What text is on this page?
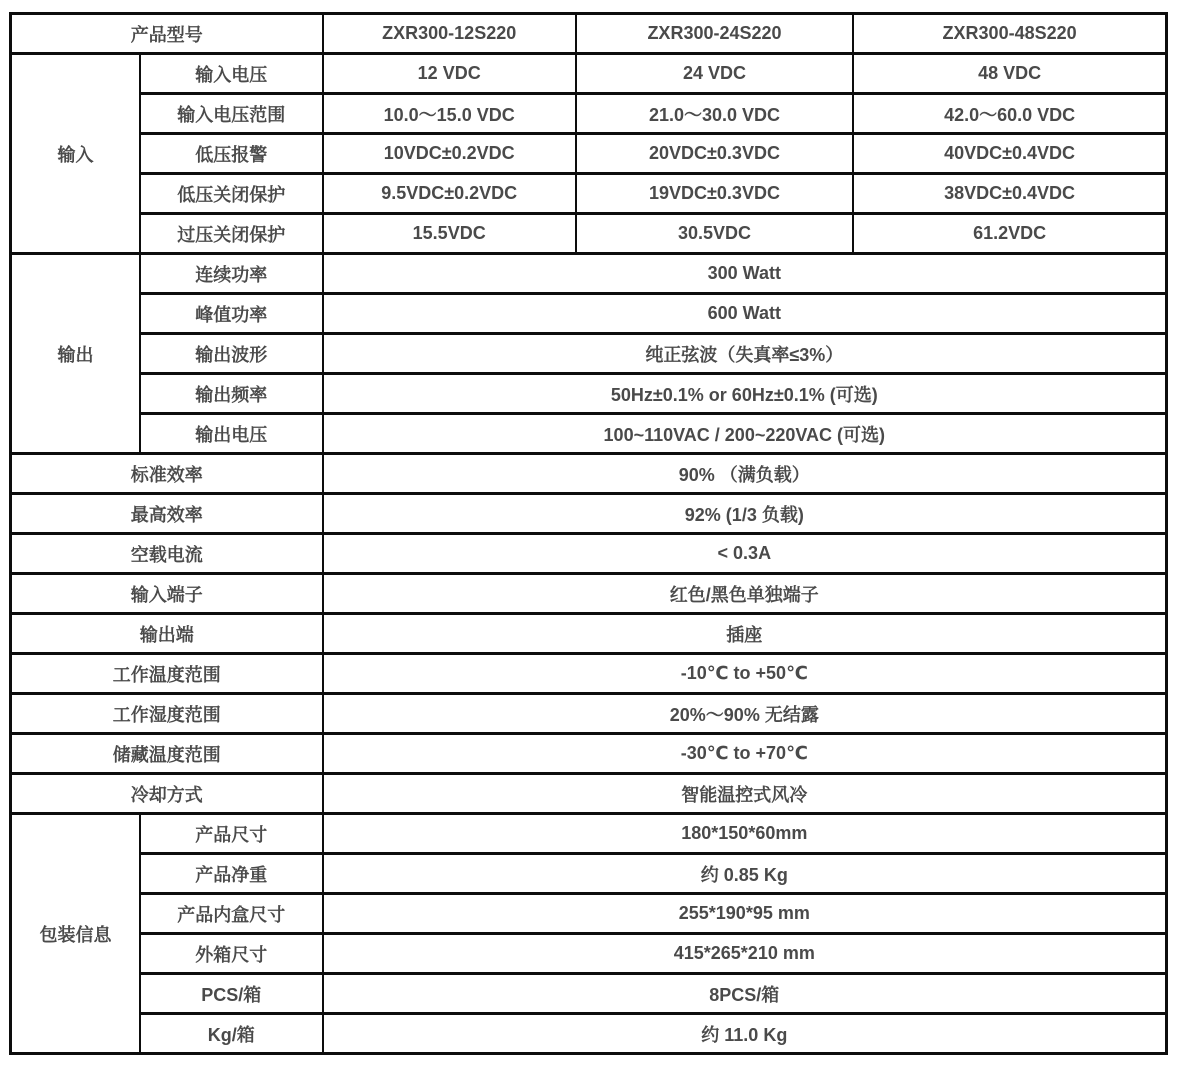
产品型号		ZXR300-12S220	ZXR300-24S220	ZXR300-48S220
输入	输入电压	12 VDC	24 VDC	48 VDC
	输入电压范围	10.0～15.0 VDC	21.0～30.0 VDC	42.0～60.0 VDC
	低压报警	10VDC±0.2VDC	20VDC±0.3VDC	40VDC±0.4VDC
	低压关闭保护	9.5VDC±0.2VDC	19VDC±0.3VDC	38VDC±0.4VDC
	过压关闭保护	15.5VDC	30.5VDC	61.2VDC
输出	连续功率	300 Watt		
	峰值功率	600 Watt		
	输出波形	纯正弦波（失真率≤3%）		
	输出频率	50Hz±0.1% or 60Hz±0.1% (可选)		
	输出电压	100~110VAC / 200~220VAC (可选)		
标准效率		90% （满负载）		
最高效率		92% (1/3 负载)		
空载电流		< 0.3A		
输入端子		红色/黑色单独端子		
输出端		插座		
工作温度范围		-10℃ to +50℃		
工作湿度范围		20%～90% 无结露		
储藏温度范围		-30℃ to +70℃		
冷却方式		智能温控式风冷		
包装信息	产品尺寸	180*150*60mm		
	产品净重	约 0.85 Kg		
	产品内盒尺寸	255*190*95 mm		
	外箱尺寸	415*265*210 mm		
	PCS/箱	8PCS/箱		
	Kg/箱	约 11.0 Kg		
